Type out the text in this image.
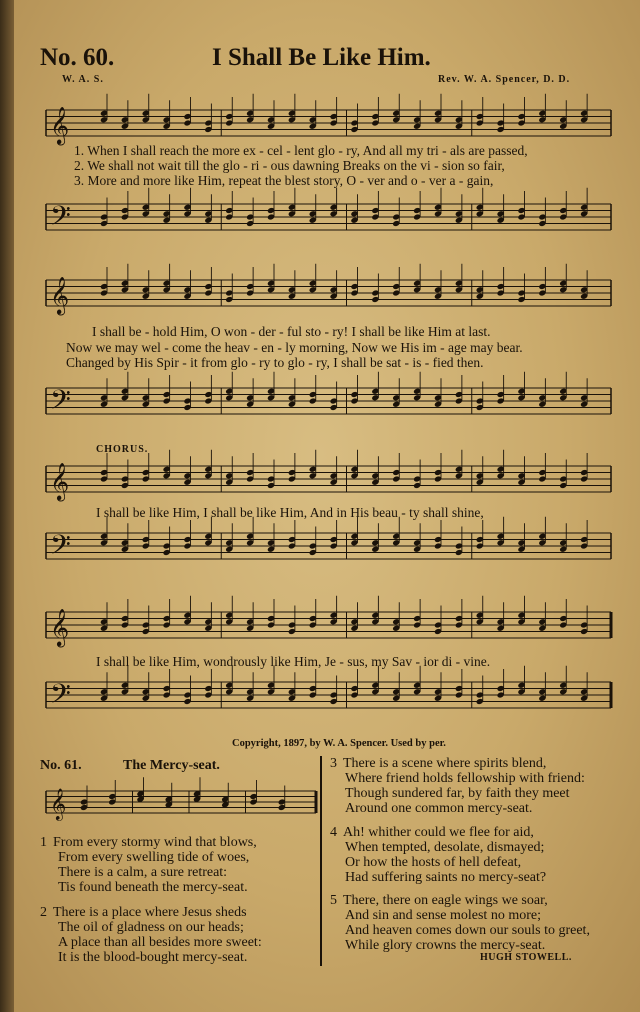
No. 60.	I Shall Be Like Him.
W. A. S.	Rev. W. A. Spencer, D. D.
𝄞
1. When I shall reach the more ex - cel - lent glo - ry, And all my tri - als are passed,
2. We shall not wait till the glo - ri - ous dawning Breaks on the vi - sion so fair,
3. More and more like Him, repeat the blest story, O - ver and o - ver a - gain,
𝄢
𝄞
I shall be - hold Him, O won - der - ful sto - ry! I shall be like Him at last.
Now we may wel - come the heav - en - ly morning, Now we His im - age may bear.
Changed by His Spir - it from glo - ry to glo - ry, I shall be sat - is - fied then.
𝄢
CHORUS.
𝄞
I shall be like Him, I shall be like Him, And in His beau - ty shall shine,
𝄢
𝄞
I shall be like Him, wondrously like Him, Je - sus, my Sav - ior di - vine.
𝄢
Copyright, 1897, by W. A. Spencer. Used by per.
No. 61.	The Mercy-seat.
𝄞
1 From every stormy wind that blows,
From every swelling tide of woes,
There is a calm, a sure retreat:
Tis found beneath the mercy-seat.
2 There is a place where Jesus sheds
The oil of gladness on our heads;
A place than all besides more sweet:
It is the blood-bought mercy-seat.
3 There is a scene where spirits blend,
Where friend holds fellowship with friend:
Though sundered far, by faith they meet
Around one common mercy-seat.
4 Ah! whither could we flee for aid,
When tempted, desolate, dismayed;
Or how the hosts of hell defeat,
Had suffering saints no mercy-seat?
5 There, there on eagle wings we soar,
And sin and sense molest no more;
And heaven comes down our souls to greet,
While glory crowns the mercy-seat.
HUGH STOWELL.
